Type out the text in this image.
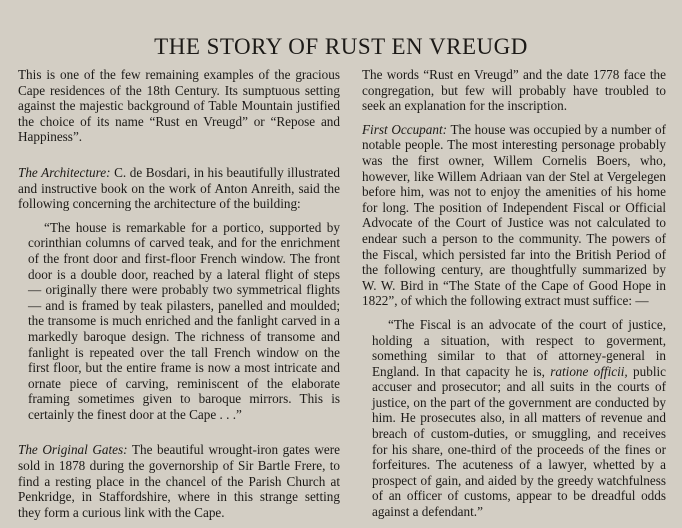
THE STORY OF RUST EN VREUGD

This is one of the few remaining examples of the gracious Cape residences of the 18th Century. Its sumptuous setting against the majestic background of Table Mountain justified the choice of its name “Rust en Vreugd” or “Repose and Happiness”.

The Architecture: C. de Bosdari, in his beautifully illustrated and instructive book on the work of Anton Anreith, said the following concerning the architecture of the building:

“The house is remarkable for a portico, supported by corinthian columns of carved teak, and for the enrichment of the front door and first-floor French window. The front door is a double door, reached by a lateral flight of steps — originally there were probably two symmetrical flights — and is framed by teak pilasters, panelled and moulded; the transome is much enriched and the fanlight carved in a markedly baroque design. The richness of transome and fanlight is repeated over the tall French window on the first floor, but the entire frame is now a most intricate and ornate piece of carving, reminiscent of the elaborate framing sometimes given to baroque mirrors. This is certainly the finest door at the Cape . . .”

The Original Gates: The beautiful wrought-iron gates were sold in 1878 during the governorship of Sir Bartle Frere, to find a resting place in the chancel of the Parish Church at Penkridge, in Staffordshire, where in this strange setting they form a curious link with the Cape.

The words “Rust en Vreugd” and the date 1778 face the congregation, but few will probably have troubled to seek an explanation for the inscription.

First Occupant: The house was occupied by a number of notable people. The most interesting personage probably was the first owner, Willem Cornelis Boers, who, however, like Willem Adriaan van der Stel at Vergelegen before him, was not to enjoy the amenities of his home for long. The position of Independent Fiscal or Official Advocate of the Court of Justice was not calculated to endear such a person to the community. The powers of the Fiscal, which persisted far into the British Period of the following century, are thoughtfully summarized by W. W. Bird in “The State of the Cape of Good Hope in 1822”, of which the following extract must suffice: —

“The Fiscal is an advocate of the court of justice, holding a situation, with respect to goverment, something similar to that of attorney-general in England. In that capacity he is, ratione officii, public accuser and prosecutor; and all suits in the courts of justice, on the part of the government are conducted by him. He prosecutes also, in all matters of revenue and breach of custom-duties, or smuggling, and receives for his share, one-third of the proceeds of the fines or forfeitures. The acuteness of a lawyer, whetted by a prospect of gain, and aided by the greedy watchfulness of an officer of customs, appear to be dreadful odds against a defendant.”
